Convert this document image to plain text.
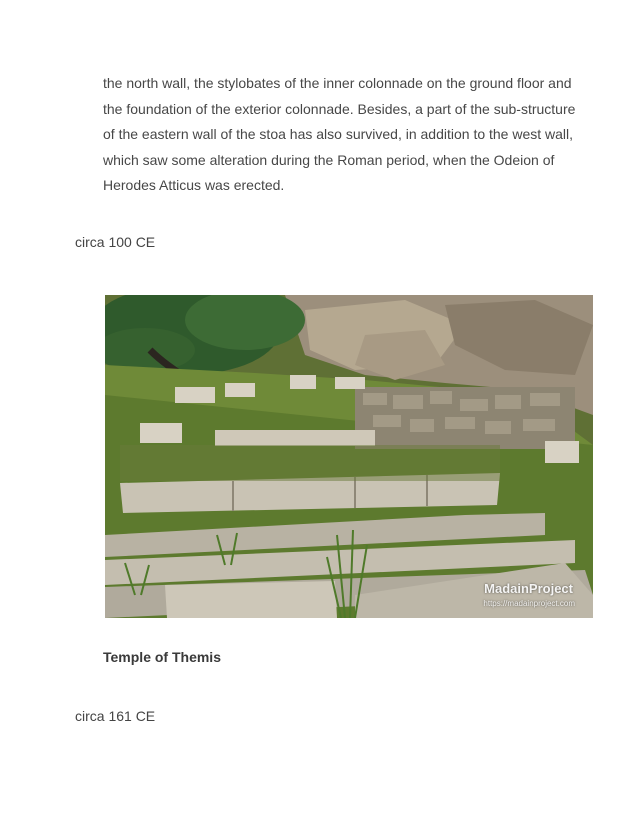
the north wall, the stylobates of the inner colonnade on the ground floor and
the foundation of the exterior colonnade. Besides, a part of the sub-structure
of the eastern wall of the stoa has also survived, in addition to the west wall,
which saw some alteration during the Roman period, when the Odeion of
Herodes Atticus was erected.
circa 100 CE
MadainProject
https://madainproject.com
Temple of Themis
circa 161 CE
